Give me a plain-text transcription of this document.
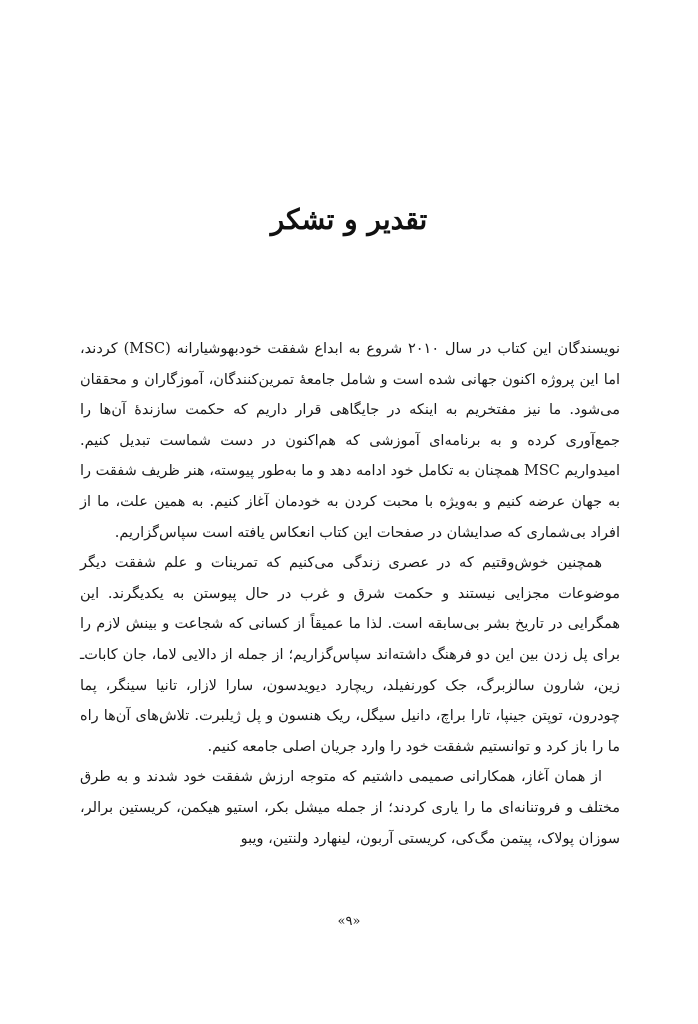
تقدیر و تشکر

نویسندگان این کتاب در سال ۲۰۱۰ شروع به ابداع شفقت خودبهوشیارانه (MSC) کردند، اما این پروژه اکنون جهانی شده است و شامل جامعهٔ تمرین‌کنندگان، آموزگاران و محققان می‌شود. ما نیز مفتخریم به اینکه در جایگاهی قرار داریم که حکمت سازندهٔ آن‌ها را جمع‌آوری کرده و به برنامه‌ای آموزشی که هم‌اکنون در دست شماست تبدیل کنیم. امیدواریم MSC همچنان به تکامل خود ادامه دهد و ما به‌طور پیوسته، هنر ظریف شفقت را به جهان عرضه کنیم و به‌ویژه با محبت کردن به خودمان آغاز کنیم. به همین علت، ما از افراد بی‌شماری که صدایشان در صفحات این کتاب انعکاس یافته است سپاس‌گزاریم.

همچنین خوش‌وقتیم که در عصری زندگی می‌کنیم که تمرینات و علم شفقت دیگر موضوعات مجزایی نیستند و حکمت شرق و غرب در حال پیوستن به یکدیگرند. این همگرایی در تاریخ بشر بی‌سابقه است. لذا ما عمیقاً از کسانی که شجاعت و بینش لازم را برای پل زدن بین این دو فرهنگ داشته‌اند سپاس‌گزاریم؛ از جمله از دالایی لاما، جان کابات‌ـ زین، شارون سالزبرگ، جک کورنفیلد، ریچارد دیویدسون، سارا لازار، تانیا سینگر، پما چودرون، توپتن جینپا، تارا براچ، دانیل سیگل، ریک هنسون و پل ژیلبرت. تلاش‌های آن‌ها راه ما را باز کرد و توانستیم شفقت خود را وارد جریان اصلی جامعه کنیم.

از همان آغاز، همکارانی صمیمی داشتیم که متوجه ارزش شفقت خود شدند و به طرق مختلف و فروتنانه‌ای ما را یاری کردند؛ از جمله میشل بکر، استیو هیکمن، کریستین برالر، سوزان پولاک، پیتمن مگ‌کی، کریستی آربون، لینهارد ولنتین، ویبو

«۹»
